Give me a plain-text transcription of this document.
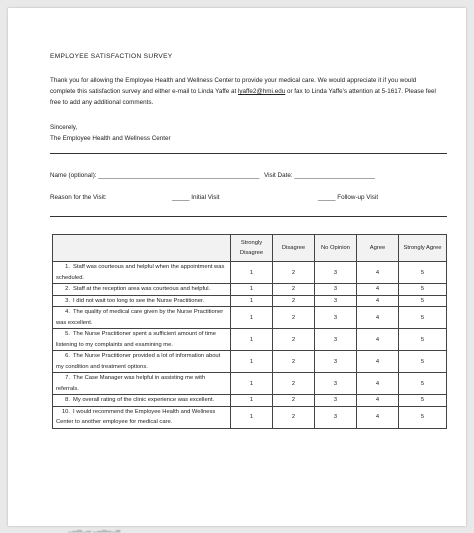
EMPLOYEE SATISFACTION SURVEY
Thank you for allowing the Employee Health and Wellness Center to provide your medical care. We would appreciate it if you would complete this satisfaction survey and either e-mail to Linda Yaffe at lyaffe2@hmi.edu or fax to Linda Yaffe's attention at 5-1617. Please feel free to add any additional comments.
Sincerely,
The Employee Health and Wellness Center
Name (optional): ______________________________________________ Visit Date: _______________________
Reason for the Visit:	_____ Initial Visit	_____ Follow-up Visit
	Strongly Disagree	Disagree	No Opinion	Agree	Strongly Agree
1. Staff was courteous and helpful when the appointment was scheduled.	1	2	3	4	5
2. Staff at the reception area was courteous and helpful.	1	2	3	4	5
3. I did not wait too long to see the Nurse Practitioner.	1	2	3	4	5
4. The quality of medical care given by the Nurse Practitioner was excellent.	1	2	3	4	5
5. The Nurse Practitioner spent a sufficient amount of time listening to my complaints and examining me.	1	2	3	4	5
6. The Nurse Practitioner provided a lot of information about my condition and treatment options.	1	2	3	4	5
7. The Case Manager was helpful in assisting me with referrals.	1	2	3	4	5
8. My overall rating of the clinic experience was excellent.	1	2	3	4	5
10. I would recommend the Employee Health and Wellness Center to another employee for medical care.	1	2	3	4	5
▁▂▃▁▂ ▁▂▃▂▁▃
